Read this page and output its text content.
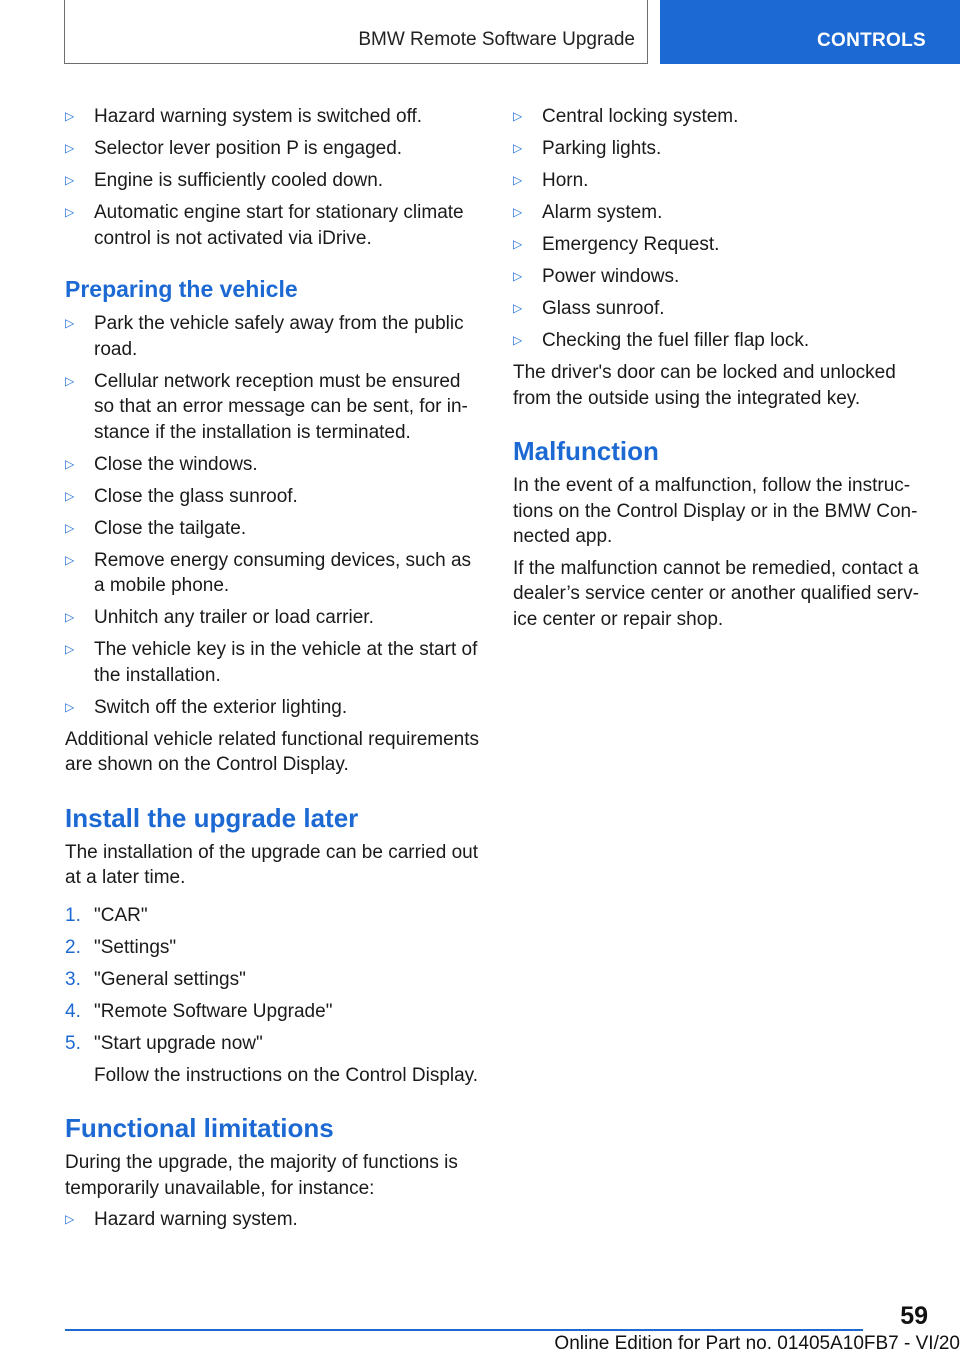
BMW Remote Software Upgrade	CONTROLS
▷ Hazard warning system is switched off.
▷ Selector lever position P is engaged.
▷ Engine is sufficiently cooled down.
▷ Automatic engine start for stationary climate control is not activated via iDrive.
Preparing the vehicle
▷ Park the vehicle safely away from the public road.
▷ Cellular network reception must be ensured so that an error message can be sent, for instance if the installation is terminated.
▷ Close the windows.
▷ Close the glass sunroof.
▷ Close the tailgate.
▷ Remove energy consuming devices, such as a mobile phone.
▷ Unhitch any trailer or load carrier.
▷ The vehicle key is in the vehicle at the start of the installation.
▷ Switch off the exterior lighting.

Additional vehicle related functional requirements are shown on the Control Display.

Install the upgrade later

The installation of the upgrade can be carried out at a later time.

1. "CAR"
2. "Settings"
3. "General settings"
4. "Remote Software Upgrade"
5. "Start upgrade now"

Follow the instructions on the Control Display.

Functional limitations

During the upgrade, the majority of functions is temporarily unavailable, for instance:

▷ Hazard warning system.
▷ Central locking system.
▷ Parking lights.
▷ Horn.
▷ Alarm system.
▷ Emergency Request.
▷ Power windows.
▷ Glass sunroof.
▷ Checking the fuel filler flap lock.

The driver's door can be locked and unlocked from the outside using the integrated key.

Malfunction

In the event of a malfunction, follow the instructions on the Control Display or in the BMW Connected app.

If the malfunction cannot be remedied, contact a dealer’s service center or another qualified service center or repair shop.

59
Online Edition for Part no. 01405A10FB7 - VI/20
